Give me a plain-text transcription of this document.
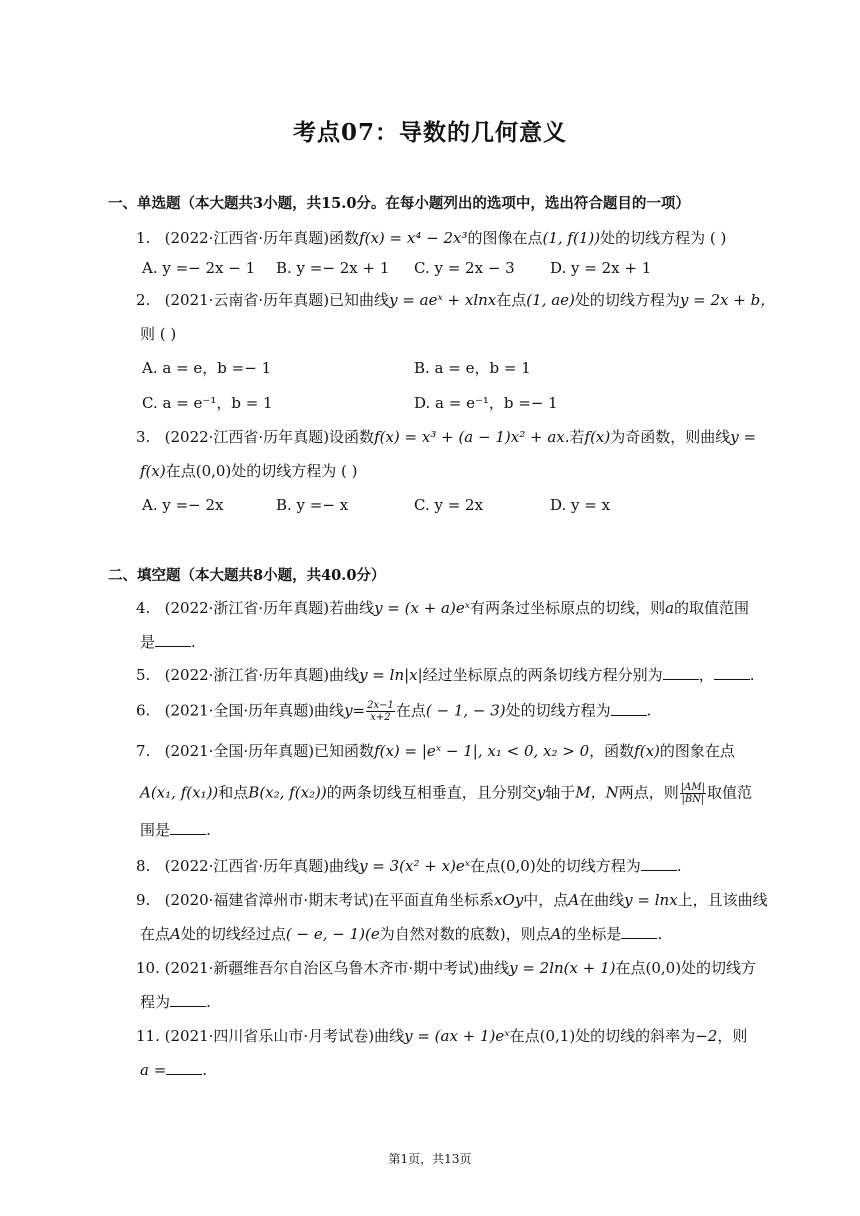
考点07：导数的几何意义
一、单选题（本大题共3小题，共15.0分。在每小题列出的选项中，选出符合题目的一项）
1. (2022·江西省·历年真题)函数f(x) = x⁴ − 2x³的图像在点(1, f(1))处的切线方程为 ( )
A. y =− 2x − 1 B. y =− 2x + 1 C. y = 2x − 3 D. y = 2x + 1
2. (2021·云南省·历年真题)已知曲线y = aeˣ + xlnx在点(1, ae)处的切线方程为y = 2x + b，
则 ( )
A. a = e，b =− 1	B. a = e，b = 1
C. a = e⁻¹，b = 1	D. a = e⁻¹，b =− 1
3. (2022·江西省·历年真题)设函数f(x) = x³ + (a − 1)x² + ax.若f(x)为奇函数，则曲线y =
f(x)在点(0,0)处的切线方程为 ( )
A. y =− 2x	B. y =− x	C. y = 2x	D. y = x
二、填空题（本大题共8小题，共40.0分）
4. (2022·浙江省·历年真题)若曲线y = (x + a)eˣ有两条过坐标原点的切线，则a的取值范围
是 .
5. (2022·浙江省·历年真题)曲线y = ln|x|经过坐标原点的两条切线方程分别为 ， .
6. (2021·全国·历年真题)曲线$y= \frac{2x-1}{x+2}$ 在点( − 1, − 3)处的切线方程为 .
7. (2021·全国·历年真题)已知函数f(x) = |eˣ − 1|, x₁ < 0, x₂ > 0，函数f(x)的图象在点
A(x₁, f(x₁))和点B(x₂, f(x₂))的两条切线互相垂直，且分别交y轴于M，N两点，则 $\frac{|AM|}{|BN|}$ 取值范
围是 .
8. (2022·江西省·历年真题)曲线y = 3(x² + x)eˣ在点(0,0)处的切线方程为 .
9. (2020·福建省漳州市·期末考试)在平面直角坐标系xOy中，点A在曲线y = lnx上，且该曲线
在点A处的切线经过点( − e, − 1)(e为自然对数的底数)，则点A的坐标是 .
10. (2021·新疆维吾尔自治区乌鲁木齐市·期中考试)曲线y = 2ln(x + 1)在点(0,0)处的切线方
程为 .
11. (2021·四川省乐山市·月考试卷)曲线y = (ax + 1)eˣ在点(0,1)处的切线的斜率为−2，则
a = .
第1页，共13页
